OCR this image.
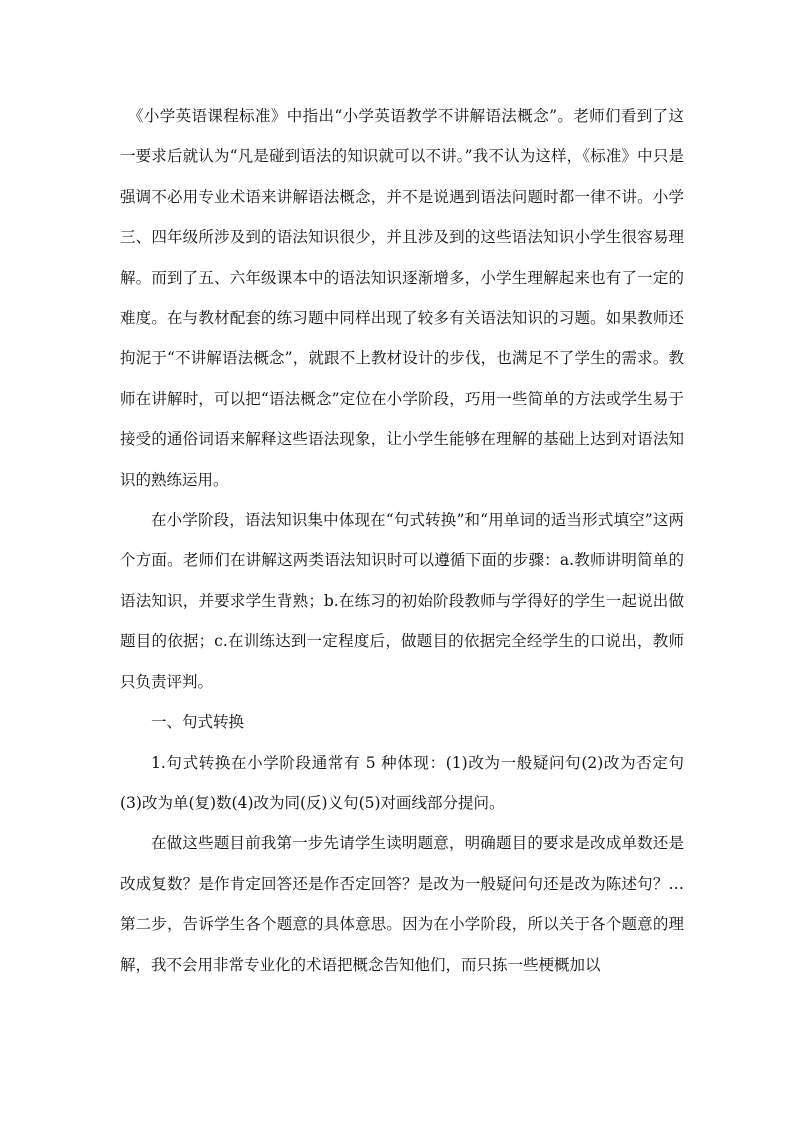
《小学英语课程标准》中指出“小学英语教学不讲解语法概念”。老师们看到了这一要求后就认为“凡是碰到语法的知识就可以不讲。”我不认为这样，《标准》中只是强调不必用专业术语来讲解语法概念，并不是说遇到语法问题时都一律不讲。小学三、四年级所涉及到的语法知识很少，并且涉及到的这些语法知识小学生很容易理解。而到了五、六年级课本中的语法知识逐渐增多，小学生理解起来也有了一定的难度。在与教材配套的练习题中同样出现了较多有关语法知识的习题。如果教师还拘泥于“不讲解语法概念”，就跟不上教材设计的步伐，也满足不了学生的需求。教师在讲解时，可以把“语法概念”定位在小学阶段，巧用一些简单的方法或学生易于接受的通俗词语来解释这些语法现象，让小学生能够在理解的基础上达到对语法知识的熟练运用。

在小学阶段，语法知识集中体现在“句式转换”和“用单词的适当形式填空”这两个方面。老师们在讲解这两类语法知识时可以遵循下面的步骤：a.教师讲明简单的语法知识，并要求学生背熟；b.在练习的初始阶段教师与学得好的学生一起说出做题目的依据；c.在训练达到一定程度后，做题目的依据完全经学生的口说出，教师只负责评判。

一、句式转换

1.句式转换在小学阶段通常有 5 种体现：(1)改为一般疑问句(2)改为否定句(3)改为单(复)数(4)改为同(反)义句(5)对画线部分提问。

在做这些题目前我第一步先请学生读明题意，明确题目的要求是改成单数还是改成复数？是作肯定回答还是作否定回答？是改为一般疑问句还是改为陈述句？…第二步，告诉学生各个题意的具体意思。因为在小学阶段，所以关于各个题意的理解，我不会用非常专业化的术语把概念告知他们，而只拣一些梗概加以
